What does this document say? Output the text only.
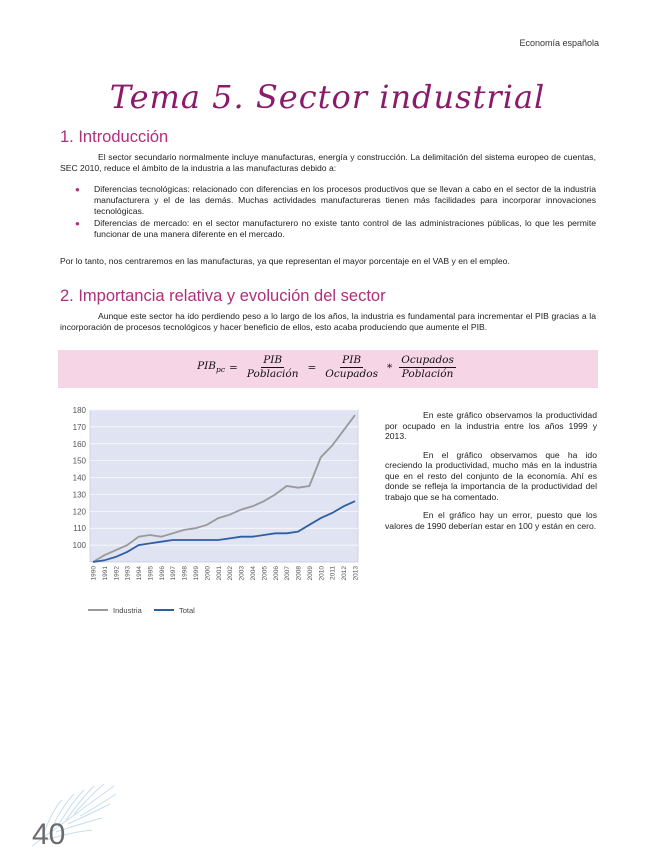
Economía española
Tema 5. Sector industrial
1. Introducción

El sector secundario normalmente incluye manufacturas, energía y construcción. La delimitación del sistema europeo de cuentas, SEC 2010, reduce el ámbito de la industria a las manufacturas debido a:

● Diferencias tecnológicas: relacionado con diferencias en los procesos productivos que se llevan a cabo en el sector de la industria manufacturera y el de las demás. Muchas actividades manufactureras tienen más facilidades para incorporar innovaciones tecnológicas.
● Diferencias de mercado: en el sector manufacturero no existe tanto control de las administraciones públicas, lo que les permite funcionar de una manera diferente en el mercado.

Por lo tanto, nos centraremos en las manufacturas, ya que representan el mayor porcentaje en el VAB y en el empleo.

2. Importancia relativa y evolución del sector

Aunque este sector ha ido perdiendo peso a lo largo de los años, la industria es fundamental para incrementar el PIB gracias a la incorporación de procesos tecnológicos y hacer beneficio de ellos, esto acaba produciendo que aumente el PIB.

$PIB_{pc} = \frac{\text{PIB}}{\text{Población}} = \frac{\text{PIB}}{\text{Ocupados}} * \frac{\text{Ocupados}}{\text{Población}}$
100
110
120
130
140
150
160
170
180
1990 1991 1992 1993 1994 1995 1996 1997 1998 1999 2000 2001 2002 2003 2004 2005 2006 2007 2008 2009 2010 2011 2012 2013
Industria	Total

En este gráfico observamos la productividad por ocupado en la industria entre los años 1999 y 2013.

En el gráfico observamos que ha ido creciendo la productividad, mucho más en la industria que en el resto del conjunto de la economía. Ahí es donde se refleja la importancia de la productividad del trabajo que se ha comentado.

En el gráfico hay un error, puesto que los valores de 1990 deberían estar en 100 y están en cero.

40
